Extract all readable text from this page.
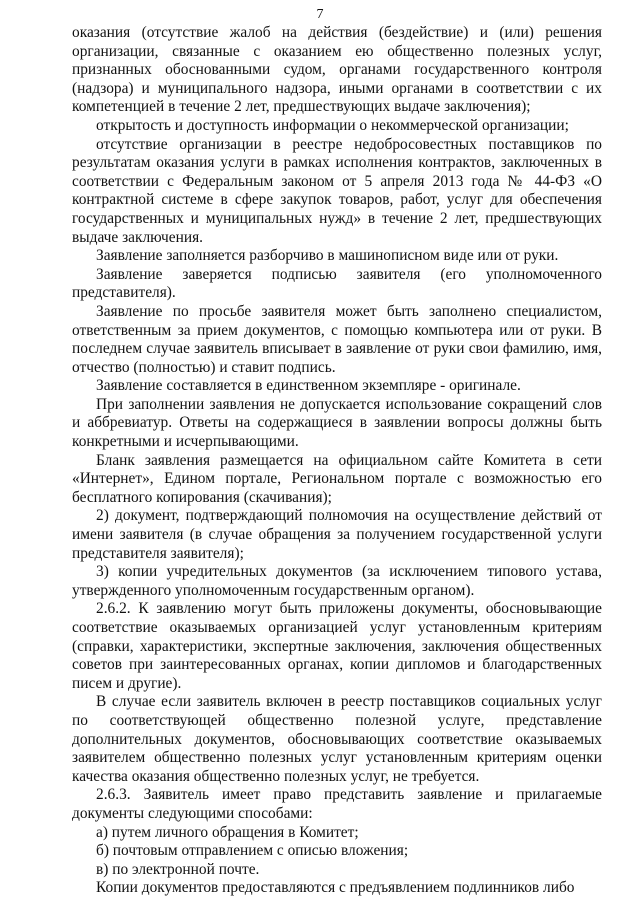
7

оказания (отсутствие жалоб на действия (бездействие) и (или) решения организации, связанные с оказанием ею общественно полезных услуг, признанных обоснованными судом, органами государственного контроля (надзора) и муниципального надзора, иными органами в соответствии с их компетенцией в течение 2 лет, предшествующих выдаче заключения);

открытость и доступность информации о некоммерческой организации;

отсутствие организации в реестре недобросовестных поставщиков по результатам оказания услуги в рамках исполнения контрактов, заключенных в соответствии с Федеральным законом от 5 апреля 2013 года № 44-ФЗ «О контрактной системе в сфере закупок товаров, работ, услуг для обеспечения государственных и муниципальных нужд» в течение 2 лет, предшествующих выдаче заключения.

Заявление заполняется разборчиво в машинописном виде или от руки.

Заявление заверяется подписью заявителя (его уполномоченного представителя).

Заявление по просьбе заявителя может быть заполнено специалистом, ответственным за прием документов, с помощью компьютера или от руки. В последнем случае заявитель вписывает в заявление от руки свои фамилию, имя, отчество (полностью) и ставит подпись.

Заявление составляется в единственном экземпляре - оригинале.

При заполнении заявления не допускается использование сокращений слов и аббревиатур. Ответы на содержащиеся в заявлении вопросы должны быть конкретными и исчерпывающими.

Бланк заявления размещается на официальном сайте Комитета в сети «Интернет», Едином портале, Региональном портале с возможностью его бесплатного копирования (скачивания);

2) документ, подтверждающий полномочия на осуществление действий от имени заявителя (в случае обращения за получением государственной услуги представителя заявителя);

3) копии учредительных документов (за исключением типового устава, утвержденного уполномоченным государственным органом).

2.6.2. К заявлению могут быть приложены документы, обосновывающие соответствие оказываемых организацией услуг установленным критериям (справки, характеристики, экспертные заключения, заключения общественных советов при заинтересованных органах, копии дипломов и благодарственных писем и другие).

В случае если заявитель включен в реестр поставщиков социальных услуг по соответствующей общественно полезной услуге, представление дополнительных документов, обосновывающих соответствие оказываемых заявителем общественно полезных услуг установленным критериям оценки качества оказания общественно полезных услуг, не требуется.

2.6.3. Заявитель имеет право представить заявление и прилагаемые документы следующими способами:

а) путем личного обращения в Комитет;

б) почтовым отправлением с описью вложения;

в) по электронной почте.

Копии документов предоставляются с предъявлением подлинников либо
